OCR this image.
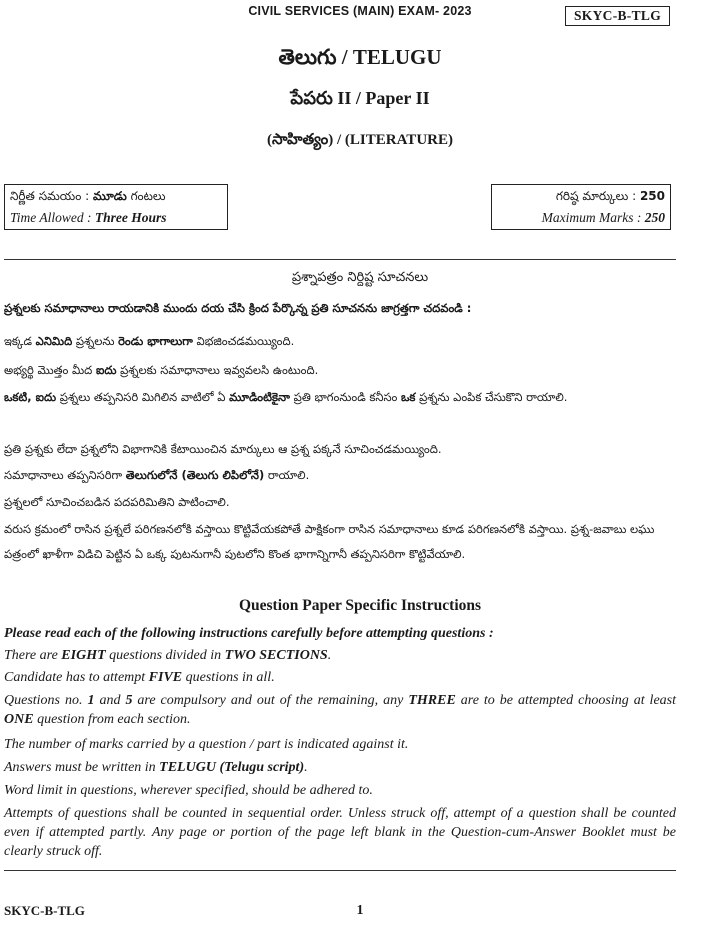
CIVIL SERVICES (MAIN) EXAM- 2023	SKYC-B-TLG
తెలుగు / TELUGU
పేపరు II / Paper II
(సాహిత్యం) / (LITERATURE)
నిర్ణీత సమయం : మూడు గంటలు
Time Allowed : Three Hours
గరిష్ఠ మార్కులు : 250
Maximum Marks : 250
ప్రశ్నాపత్రం నిర్దిష్ట సూచనలు
ప్రశ్నలకు సమాధానాలు రాయడానికి ముందు దయ చేసి క్రింద పేర్కొన్న ప్రతి సూచనను జాగ్రత్తగా చదవండి :
ఇక్కడ ఎనిమిది ప్రశ్నలను రెండు భాగాలుగా విభజించడమయ్యింది.
అభ్యర్థి మొత్తం మీద ఐదు ప్రశ్నలకు సమాధానాలు ఇవ్వవలసి ఉంటుంది.
ఒకటి, ఐదు ప్రశ్నలు తప్పనిసరి మిగిలిన వాటిలో ఏ మూడింటికైనా ప్రతి భాగంనుండి కనీసం ఒక ప్రశ్నను ఎంపిక చేసుకొని రాయాలి.
ప్రతి ప్రశ్నకు లేదా ప్రశ్నలోని విభాగానికి కేటాయించిన మార్కులు ఆ ప్రశ్న పక్కనే సూచించడమయ్యింది.
సమాధానాలు తప్పనిసరిగా తెలుగులోనే (తెలుగు లిపిలోనే) రాయాలి.
ప్రశ్నలలో సూచించబడిన పదపరిమితిని పాటించాలి.
వరుస క్రమంలో రాసిన ప్రశ్నలే పరిగణనలోకి వస్తాయి కొట్టివేయకపోతే పాక్షికంగా రాసిన సమాధానాలు కూడ పరిగణనలోకి వస్తాయి. ప్రశ్న-జవాబు లఘు పత్రంలో ఖాళీగా విడిచి పెట్టిన ఏ ఒక్క పుటనుగానీ పుటలోని కొంత భాగాన్నిగానీ తప్పనిసరిగా కొట్టివేయాలి.
Question Paper Specific Instructions
Please read each of the following instructions carefully before attempting questions :
There are EIGHT questions divided in TWO SECTIONS.
Candidate has to attempt FIVE questions in all.
Questions no. 1 and 5 are compulsory and out of the remaining, any THREE are to be attempted choosing at least ONE question from each section.
The number of marks carried by a question / part is indicated against it.
Answers must be written in TELUGU (Telugu script).
Word limit in questions, wherever specified, should be adhered to.
Attempts of questions shall be counted in sequential order. Unless struck off, attempt of a question shall be counted even if attempted partly. Any page or portion of the page left blank in the Question-cum-Answer Booklet must be clearly struck off.
SKYC-B-TLG	1
